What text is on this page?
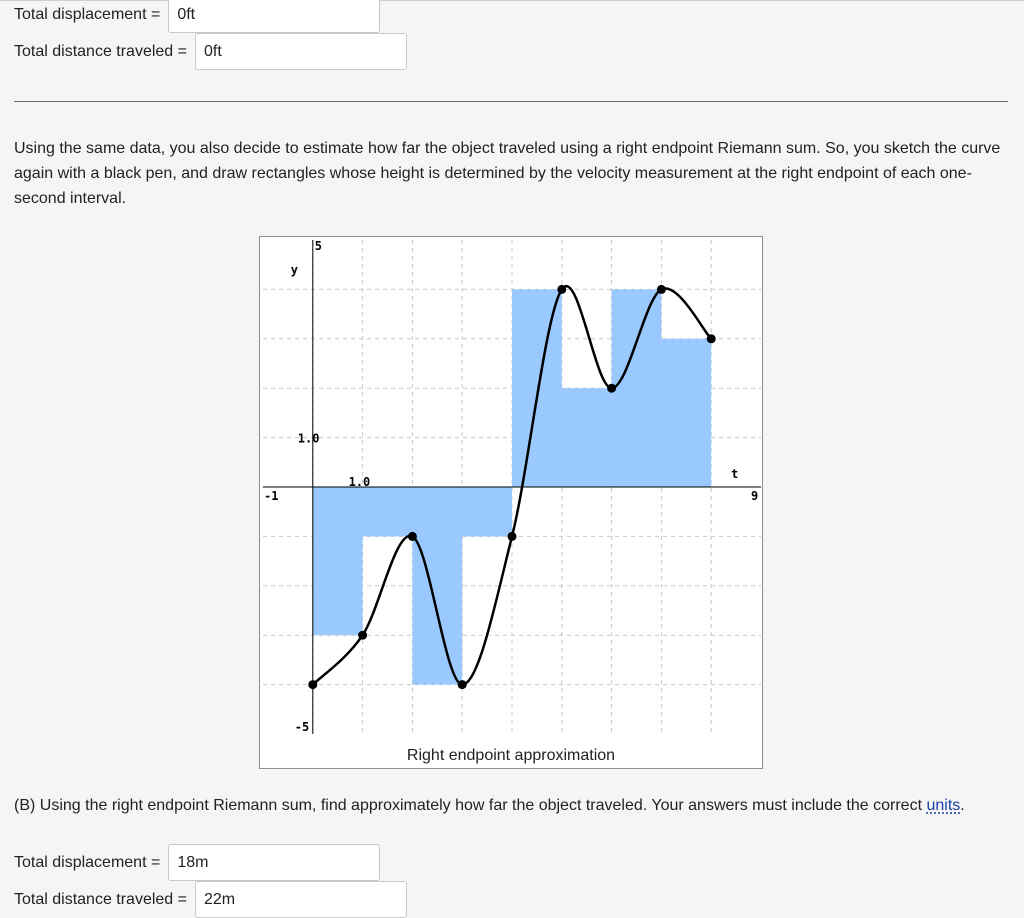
Total displacement =	0ft
Total distance traveled =	0ft
Using the same data, you also decide to estimate how far the object traveled using a right endpoint Riemann sum. So, you sketch the curve again with a black pen, and draw rectangles whose height is determined by the velocity measurement at the right endpoint of each one-second interval.
5
y
1.0
1.0
-1	9
t
-5
Right endpoint approximation
(B) Using the right endpoint Riemann sum, find approximately how far the object traveled. Your answers must include the correct units.
Total displacement =	18m
Total distance traveled =	22m
